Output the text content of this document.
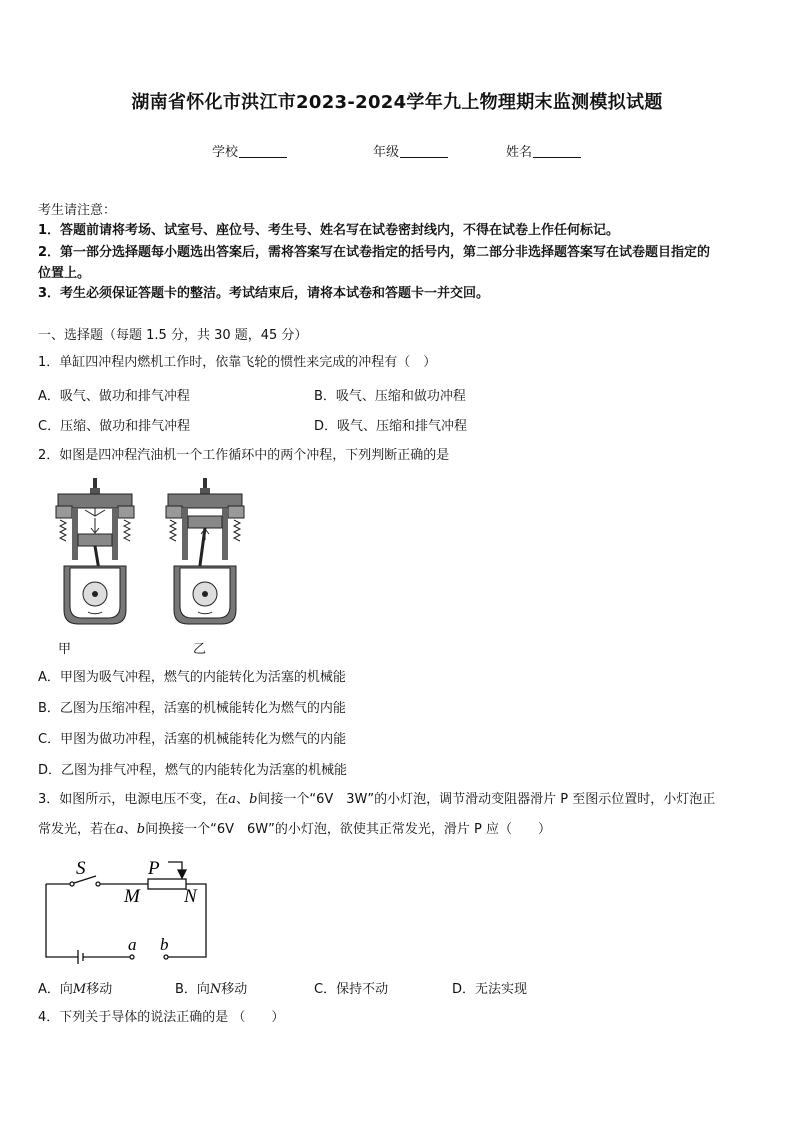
湖南省怀化市洪江市2023-2024学年九上物理期末监测模拟试题
学校	年级	姓名
考生请注意：
1．答题前请将考场、试室号、座位号、考生号、姓名写在试卷密封线内，不得在试卷上作任何标记。
2．第一部分选择题每小题选出答案后，需将答案写在试卷指定的括号内，第二部分非选择题答案写在试卷题目指定的
位置上。
3．考生必须保证答题卡的整洁。考试结束后，请将本试卷和答题卡一并交回。
一、选择题（每题 1.5 分，共 30 题，45 分）
1．单缸四冲程内燃机工作时，依靠飞轮的惯性来完成的冲程有（　）
A．吸气、做功和排气冲程	B．吸气、压缩和做功冲程
C．压缩、做功和排气冲程	D．吸气、压缩和排气冲程
2．如图是四冲程汽油机一个工作循环中的两个冲程，下列判断正确的是
甲	乙
A．甲图为吸气冲程，燃气的内能转化为活塞的机械能
B．乙图为压缩冲程，活塞的机械能转化为燃气的内能
C．甲图为做功冲程，活塞的机械能转化为燃气的内能
D．乙图为排气冲程，燃气的内能转化为活塞的机械能
3．如图所示，电源电压不变，在a、b间接一个“6V　3W”的小灯泡，调节滑动变阻器滑片 P 至图示位置时，小灯泡正
常发光，若在a、b间换接一个“6V　6W”的小灯泡，欲使其正常发光，滑片 P 应（　　）
S	P
M N
a b
A．向M移动	B．向N移动	C．保持不动	D．无法实现
4．下列关于导体的说法正确的是 （　　）
